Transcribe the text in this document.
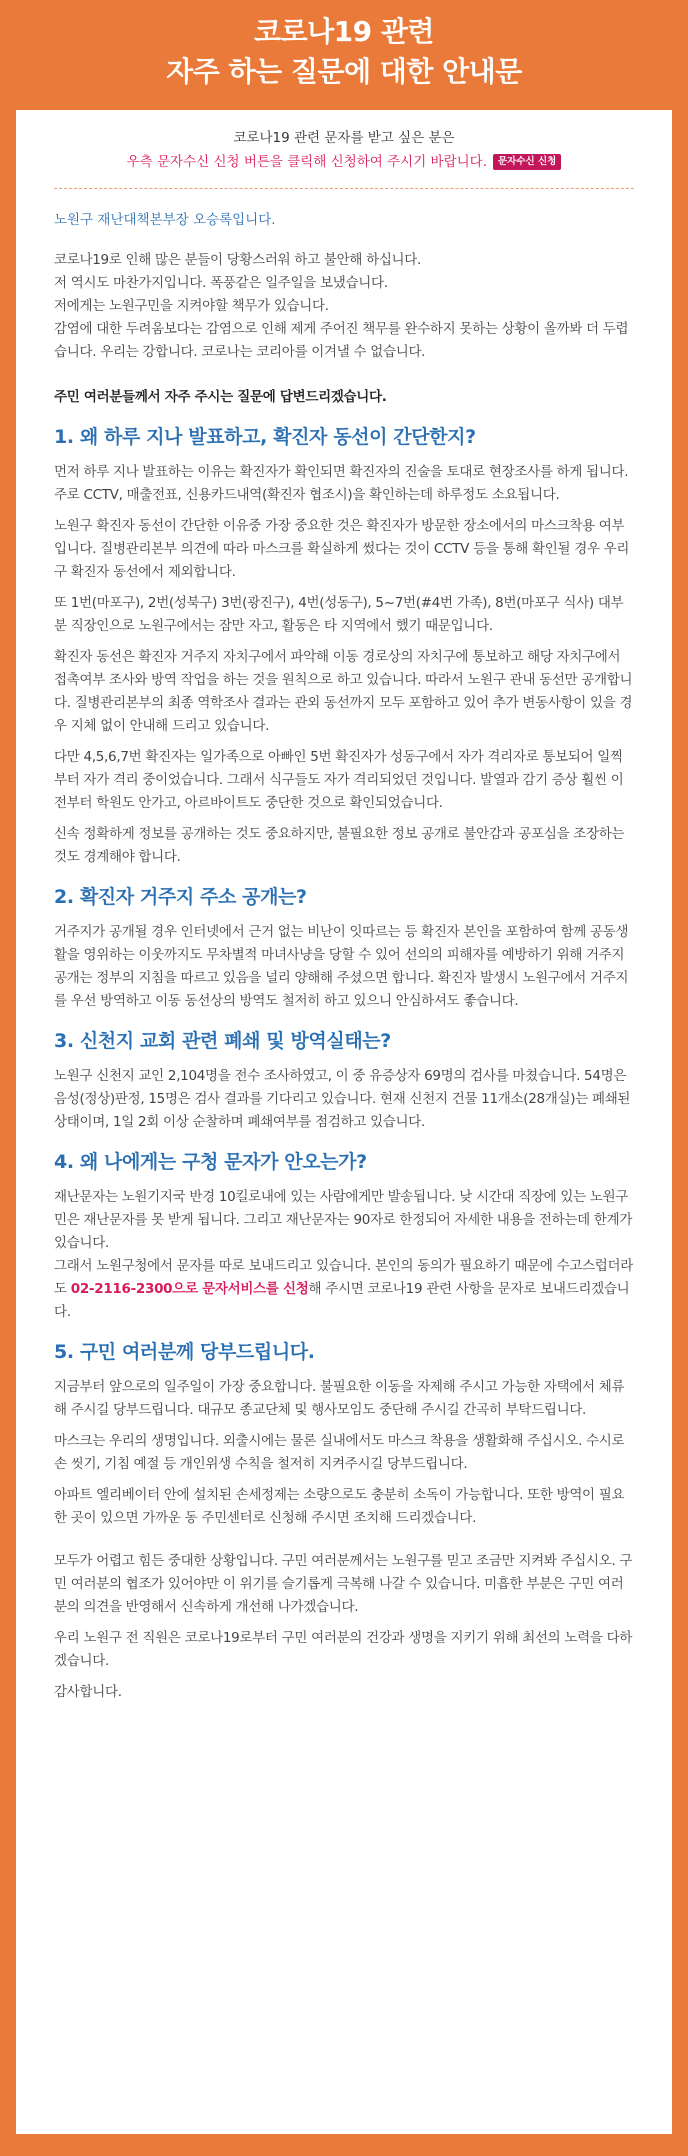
코로나19 관련
자주 하는 질문에 대한 안내문
코로나19 관련 문자를 받고 싶은 분은
우측 문자수신 신청 버튼을 클릭해 신청하여 주시기 바랍니다. 문자수신 신청
노원구 재난대책본부장 오승록입니다.

코로나19로 인해 많은 분들이 당황스러워 하고 불안해 하십니다.

저 역시도 마찬가지입니다. 폭풍같은 일주일을 보냈습니다.

저에게는 노원구민을 지켜야할 책무가 있습니다.

감염에 대한 두려움보다는 감염으로 인해 제게 주어진 책무를 완수하지 못하는 상황이 올까봐 더 두렵습니다. 우리는 강합니다. 코로나는 코리아를 이겨낼 수 없습니다.

주민 여러분들께서 자주 주시는 질문에 답변드리겠습니다.

1. 왜 하루 지나 발표하고, 확진자 동선이 간단한지?

먼저 하루 지나 발표하는 이유는 확진자가 확인되면 확진자의 진술을 토대로 현장조사를 하게 됩니다. 주로 CCTV, 매출전표, 신용카드내역(확진자 협조시)을 확인하는데 하루정도 소요됩니다.

노원구 확진자 동선이 간단한 이유중 가장 중요한 것은 확진자가 방문한 장소에서의 마스크착용 여부입니다. 질병관리본부 의견에 따라 마스크를 확실하게 썼다는 것이 CCTV 등을 통해 확인될 경우 우리구 확진자 동선에서 제외합니다.

또 1번(마포구), 2번(성북구) 3번(광진구), 4번(성동구), 5~7번(#4번 가족), 8번(마포구 식사) 대부분 직장인으로 노원구에서는 잠만 자고, 활동은 타 지역에서 했기 때문입니다.

확진자 동선은 확진자 거주지 자치구에서 파악해 이동 경로상의 자치구에 통보하고 해당 자치구에서 접촉여부 조사와 방역 작업을 하는 것을 원칙으로 하고 있습니다. 따라서 노원구 관내 동선만 공개합니다. 질병관리본부의 최종 역학조사 결과는 관외 동선까지 모두 포함하고 있어 추가 변동사항이 있을 경우 지체 없이 안내해 드리고 있습니다.

다만 4,5,6,7번 확진자는 일가족으로 아빠인 5번 확진자가 성동구에서 자가 격리자로 통보되어 일찍부터 자가 격리 중이었습니다. 그래서 식구들도 자가 격리되었던 것입니다. 발열과 감기 증상 훨씬 이전부터 학원도 안가고, 아르바이트도 중단한 것으로 확인되었습니다.

신속 정확하게 정보를 공개하는 것도 중요하지만, 불필요한 정보 공개로 불안감과 공포심을 조장하는 것도 경계해야 합니다.

2. 확진자 거주지 주소 공개는?

거주지가 공개될 경우 인터넷에서 근거 없는 비난이 잇따르는 등 확진자 본인을 포함하여 함께 공동생활을 영위하는 이웃까지도 무차별적 마녀사냥을 당할 수 있어 선의의 피해자를 예방하기 위해 거주지 공개는 정부의 지침을 따르고 있음을 널리 양해해 주셨으면 합니다. 확진자 발생시 노원구에서 거주지를 우선 방역하고 이동 동선상의 방역도 철저히 하고 있으니 안심하셔도 좋습니다.

3. 신천지 교회 관련 폐쇄 및 방역실태는?

노원구 신천지 교인 2,104명을 전수 조사하였고, 이 중 유증상자 69명의 검사를 마쳤습니다. 54명은 음성(정상)판정, 15명은 검사 결과를 기다리고 있습니다. 현재 신천지 건물 11개소(28개실)는 폐쇄된 상태이며, 1일 2회 이상 순찰하며 폐쇄여부를 점검하고 있습니다.

4. 왜 나에게는 구청 문자가 안오는가?

재난문자는 노원기지국 반경 10킬로내에 있는 사람에게만 발송됩니다. 낮 시간대 직장에 있는 노원구민은 재난문자를 못 받게 됩니다. 그리고 재난문자는 90자로 한정되어 자세한 내용을 전하는데 한계가 있습니다.

그래서 노원구청에서 문자를 따로 보내드리고 있습니다. 본인의 동의가 필요하기 때문에 수고스럽더라도 02-2116-2300으로 문자서비스를 신청해 주시면 코로나19 관련 사항을 문자로 보내드리겠습니다.

5. 구민 여러분께 당부드립니다.

지금부터 앞으로의 일주일이 가장 중요합니다. 불필요한 이동을 자제해 주시고 가능한 자택에서 체류해 주시길 당부드립니다. 대규모 종교단체 및 행사모임도 중단해 주시길 간곡히 부탁드립니다.

마스크는 우리의 생명입니다. 외출시에는 물론 실내에서도 마스크 착용을 생활화해 주십시오. 수시로 손 씻기, 기침 예절 등 개인위생 수칙을 철저히 지켜주시길 당부드립니다.

아파트 엘리베이터 안에 설치된 손세정제는 소량으로도 충분히 소독이 가능합니다. 또한 방역이 필요한 곳이 있으면 가까운 동 주민센터로 신청해 주시면 조치해 드리겠습니다.

모두가 어렵고 힘든 중대한 상황입니다. 구민 여러분께서는 노원구를 믿고 조금만 지켜봐 주십시오. 구민 여러분의 협조가 있어야만 이 위기를 슬기롭게 극복해 나갈 수 있습니다. 미흡한 부분은 구민 여러분의 의견을 반영해서 신속하게 개선해 나가겠습니다.

우리 노원구 전 직원은 코로나19로부터 구민 여러분의 건강과 생명을 지키기 위해 최선의 노력을 다하겠습니다.

감사합니다.
